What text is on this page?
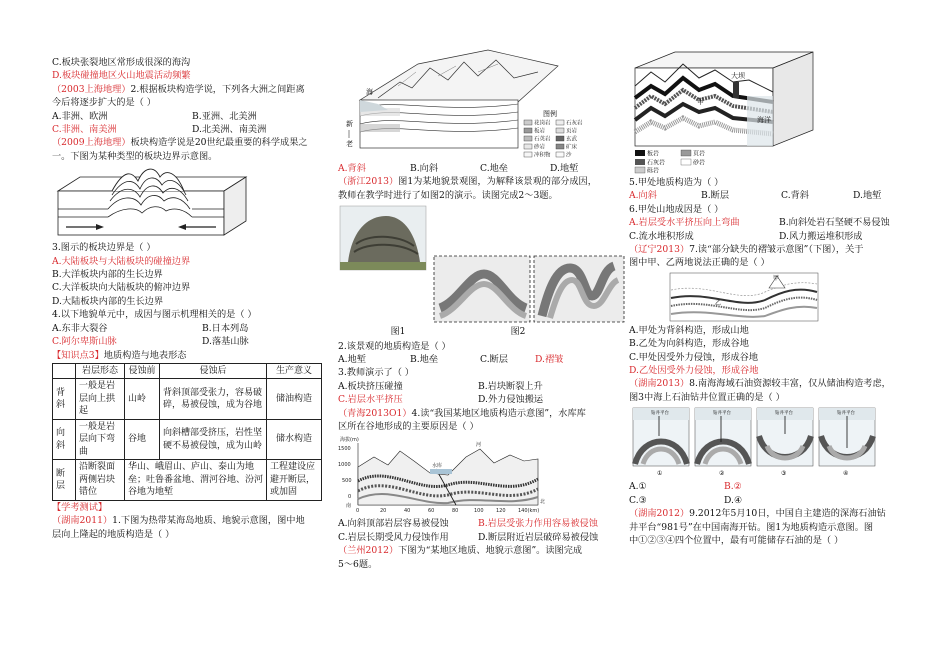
C.板块张裂地区常形成很深的海沟
D.板块碰撞地区火山地震活动频繁
（2003上海地理）2.根据板块构造学说，下列各大洲之间距离
今后将逐步扩大的是（ ）
A.非洲、欧洲	B.亚洲、北美洲
C.非洲、南美洲	D.北美洲、南美洲
（2009上海地理）板块构造学说是20世纪最重要的科学成果之
一。下图为某种类型的板块边界示意图。
3.图示的板块边界是（ ）
A.大陆板块与大陆板块的碰撞边界
B.大洋板块内部的生长边界
C.大洋板块向大陆板块的俯冲边界
D.大陆板块内部的生长边界
4.以下地貌单元中，成因与图示机理相关的是（ ）
A.东非大裂谷	B.日本列岛
C.阿尔卑斯山脉	D.落基山脉
【知识点3】地质构造与地表形态
	岩层形态	侵蚀前	侵蚀后	生产意义
背斜	一般是岩层向上拱起	山岭	背斜顶部受张力，容易破碎，易被侵蚀，成为谷地	储油构造
向斜	一般是岩层向下弯曲	谷地	向斜槽部受挤压，岩性坚硬不易被侵蚀，成为山岭	储水构造
断层	沿断裂面两侧岩块错位	华山、峨眉山、庐山、泰山为地垒；吐鲁番盆地、渭河谷地、汾河谷地为地堑		工程建设应避开断层，或加固
【学考测试】
（湖南2011）1.下图为热带某海岛地质、地貌示意图，图中地
层向上隆起的地质构造是（ ）
海
新
老
图例
花岗岩	石灰岩
板岩	页岩
石英岩	玄武
砂岩	矿床
冲积物	沙
A.背斜	B.向斜	C.地垒	D.地堑
（浙江2013）图1为某地貌景观图，为解释该景观的部分成因，
教师在教学时进行了如图2的演示。读图完成2～3题。
图1	图2
2.该景观的地质构造是（ ）
A.地堑	B.地垒	C.断层	D.褶皱
3.教师演示了（ ）
A.板块挤压碰撞	B.岩块断裂上升
C.岩层水平挤压	D.外力侵蚀搬运
（青海2013O1）4.读“我国某地区地质构造示意图”，水库库
区所在谷地形成的主要原因是（ ）
海拔(m)
1500
1000
500
0
水库
河
南
北
0	20	40	60	80	100 120 140(km)
A.向斜顶部岩层容易被侵蚀	B.岩层受张力作用容易被侵蚀
C.岩层长期受风力侵蚀作用	D.断层附近岩层破碎易被侵蚀
（兰州2012）下图为“某地区地质、地貌示意图”。读图完成
5～6题。
甲
大坝
海洋
板岩	页岩
石灰岩	砂岩
砾岩
5.甲处地质构造为（ ）
A.向斜	B.断层	C.背斜	D.地堑
6.甲处山地成因是（ ）
A.岩层受水平挤压向上弯曲	B.向斜处岩石坚硬不易侵蚀
C.流水堆积形成	D.风力搬运堆积形成
（辽宁2013）7.读“部分缺失的褶皱示意图”（下图），关于
图中甲、乙两地说法正确的是（ ）
甲
乙
A.甲处为背斜构造，形成山地
B.乙处为向斜构造，形成谷地
C.甲处因受外力侵蚀，形成谷地
D.乙处因受外力侵蚀，形成谷地
（湖南2013）8.南海海域石油资源较丰富，仅从储油构造考虑，
图3中海上石油钻井位置正确的是（ ）
钻井平台
①
钻井平台
②
钻井平台
③
钻井平台
④
A.①	B.②
C.③	D.④
（湖南2012）9.2012年5月10日，中国自主建造的深海石油钻
井平台“981号”在中国南海开钻。图1为地质构造示意图。图
中①②③④四个位置中，最有可能储存石油的是（ ）
